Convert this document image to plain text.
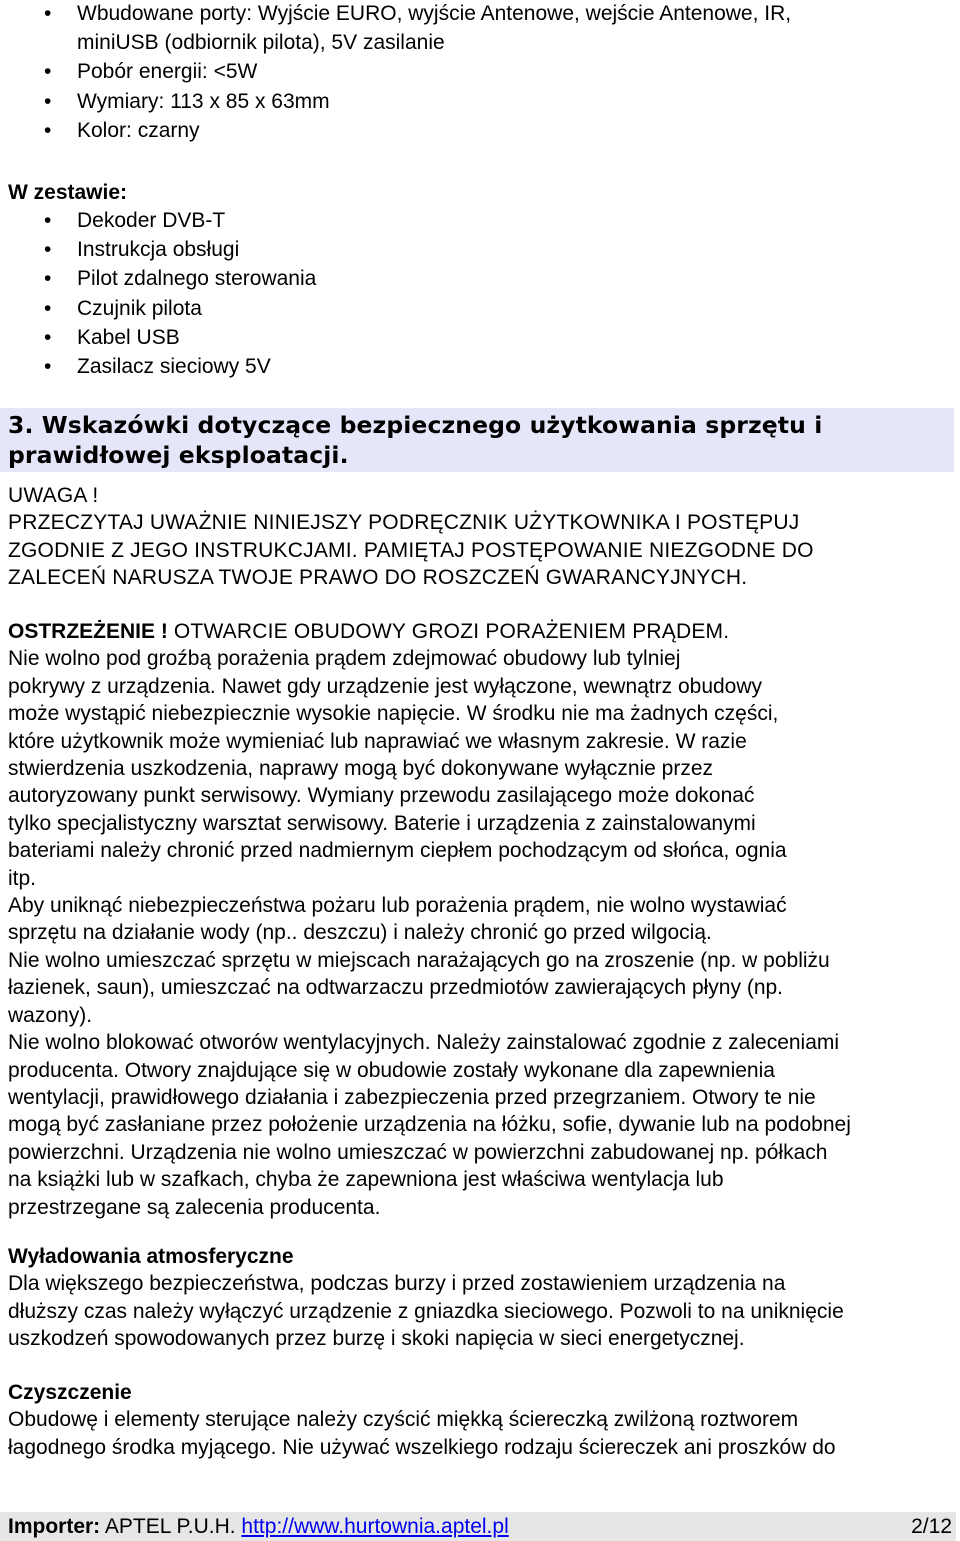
• Wbudowane porty: Wyjście EURO, wyjście Antenowe, wejście Antenowe, IR,
miniUSB (odbiornik pilota), 5V zasilanie
• Pobór energii: <5W
• Wymiary: 113 x 85 x 63mm
• Kolor: czarny
W zestawie:
• Dekoder DVB-T
• Instrukcja obsługi
• Pilot zdalnego sterowania
• Czujnik pilota
• Kabel USB
• Zasilacz sieciowy 5V
3. Wskazówki dotyczące bezpiecznego użytkowania sprzętu i
prawidłowej eksploatacji.
UWAGA !
PRZECZYTAJ UWAŻNIE NINIEJSZY PODRĘCZNIK UŻYTKOWNIKA I POSTĘPUJ
ZGODNIE Z JEGO INSTRUKCJAMI. PAMIĘTAJ POSTĘPOWANIE NIEZGODNE DO
ZALECEŃ NARUSZA TWOJE PRAWO DO ROSZCZEŃ GWARANCYJNYCH.
OSTRZEŻENIE ! OTWARCIE OBUDOWY GROZI PORAŻENIEM PRĄDEM.
Nie wolno pod groźbą porażenia prądem zdejmować obudowy lub tylniej
pokrywy z urządzenia. Nawet gdy urządzenie jest wyłączone, wewnątrz obudowy
może wystąpić niebezpiecznie wysokie napięcie. W środku nie ma żadnych części,
które użytkownik może wymieniać lub naprawiać we własnym zakresie. W razie
stwierdzenia uszkodzenia, naprawy mogą być dokonywane wyłącznie przez
autoryzowany punkt serwisowy. Wymiany przewodu zasilającego może dokonać
tylko specjalistyczny warsztat serwisowy. Baterie i urządzenia z zainstalowanymi
bateriami należy chronić przed nadmiernym ciepłem pochodzącym od słońca, ognia
itp.
Aby uniknąć niebezpieczeństwa pożaru lub porażenia prądem, nie wolno wystawiać
sprzętu na działanie wody (np.. deszczu) i należy chronić go przed wilgocią.
Nie wolno umieszczać sprzętu w miejscach narażających go na zroszenie (np. w pobliżu
łazienek, saun), umieszczać na odtwarzaczu przedmiotów zawierających płyny (np.
wazony).
Nie wolno blokować otworów wentylacyjnych. Należy zainstalować zgodnie z zaleceniami
producenta. Otwory znajdujące się w obudowie zostały wykonane dla zapewnienia
wentylacji, prawidłowego działania i zabezpieczenia przed przegrzaniem. Otwory te nie
mogą być zasłaniane przez położenie urządzenia na łóżku, sofie, dywanie lub na podobnej
powierzchni. Urządzenia nie wolno umieszczać w powierzchni zabudowanej np. półkach
na książki lub w szafkach, chyba że zapewniona jest właściwa wentylacja lub
przestrzegane są zalecenia producenta.
Wyładowania atmosferyczne
Dla większego bezpieczeństwa, podczas burzy i przed zostawieniem urządzenia na
dłuższy czas należy wyłączyć urządzenie z gniazdka sieciowego. Pozwoli to na uniknięcie
uszkodzeń spowodowanych przez burzę i skoki napięcia w sieci energetycznej.
Czyszczenie
Obudowę i elementy sterujące należy czyścić miękką ściereczką zwilżoną roztworem
łagodnego środka myjącego. Nie używać wszelkiego rodzaju ściereczek ani proszków do
Importer: APTEL P.U.H. http://www.hurtownia.aptel.pl	2/12
